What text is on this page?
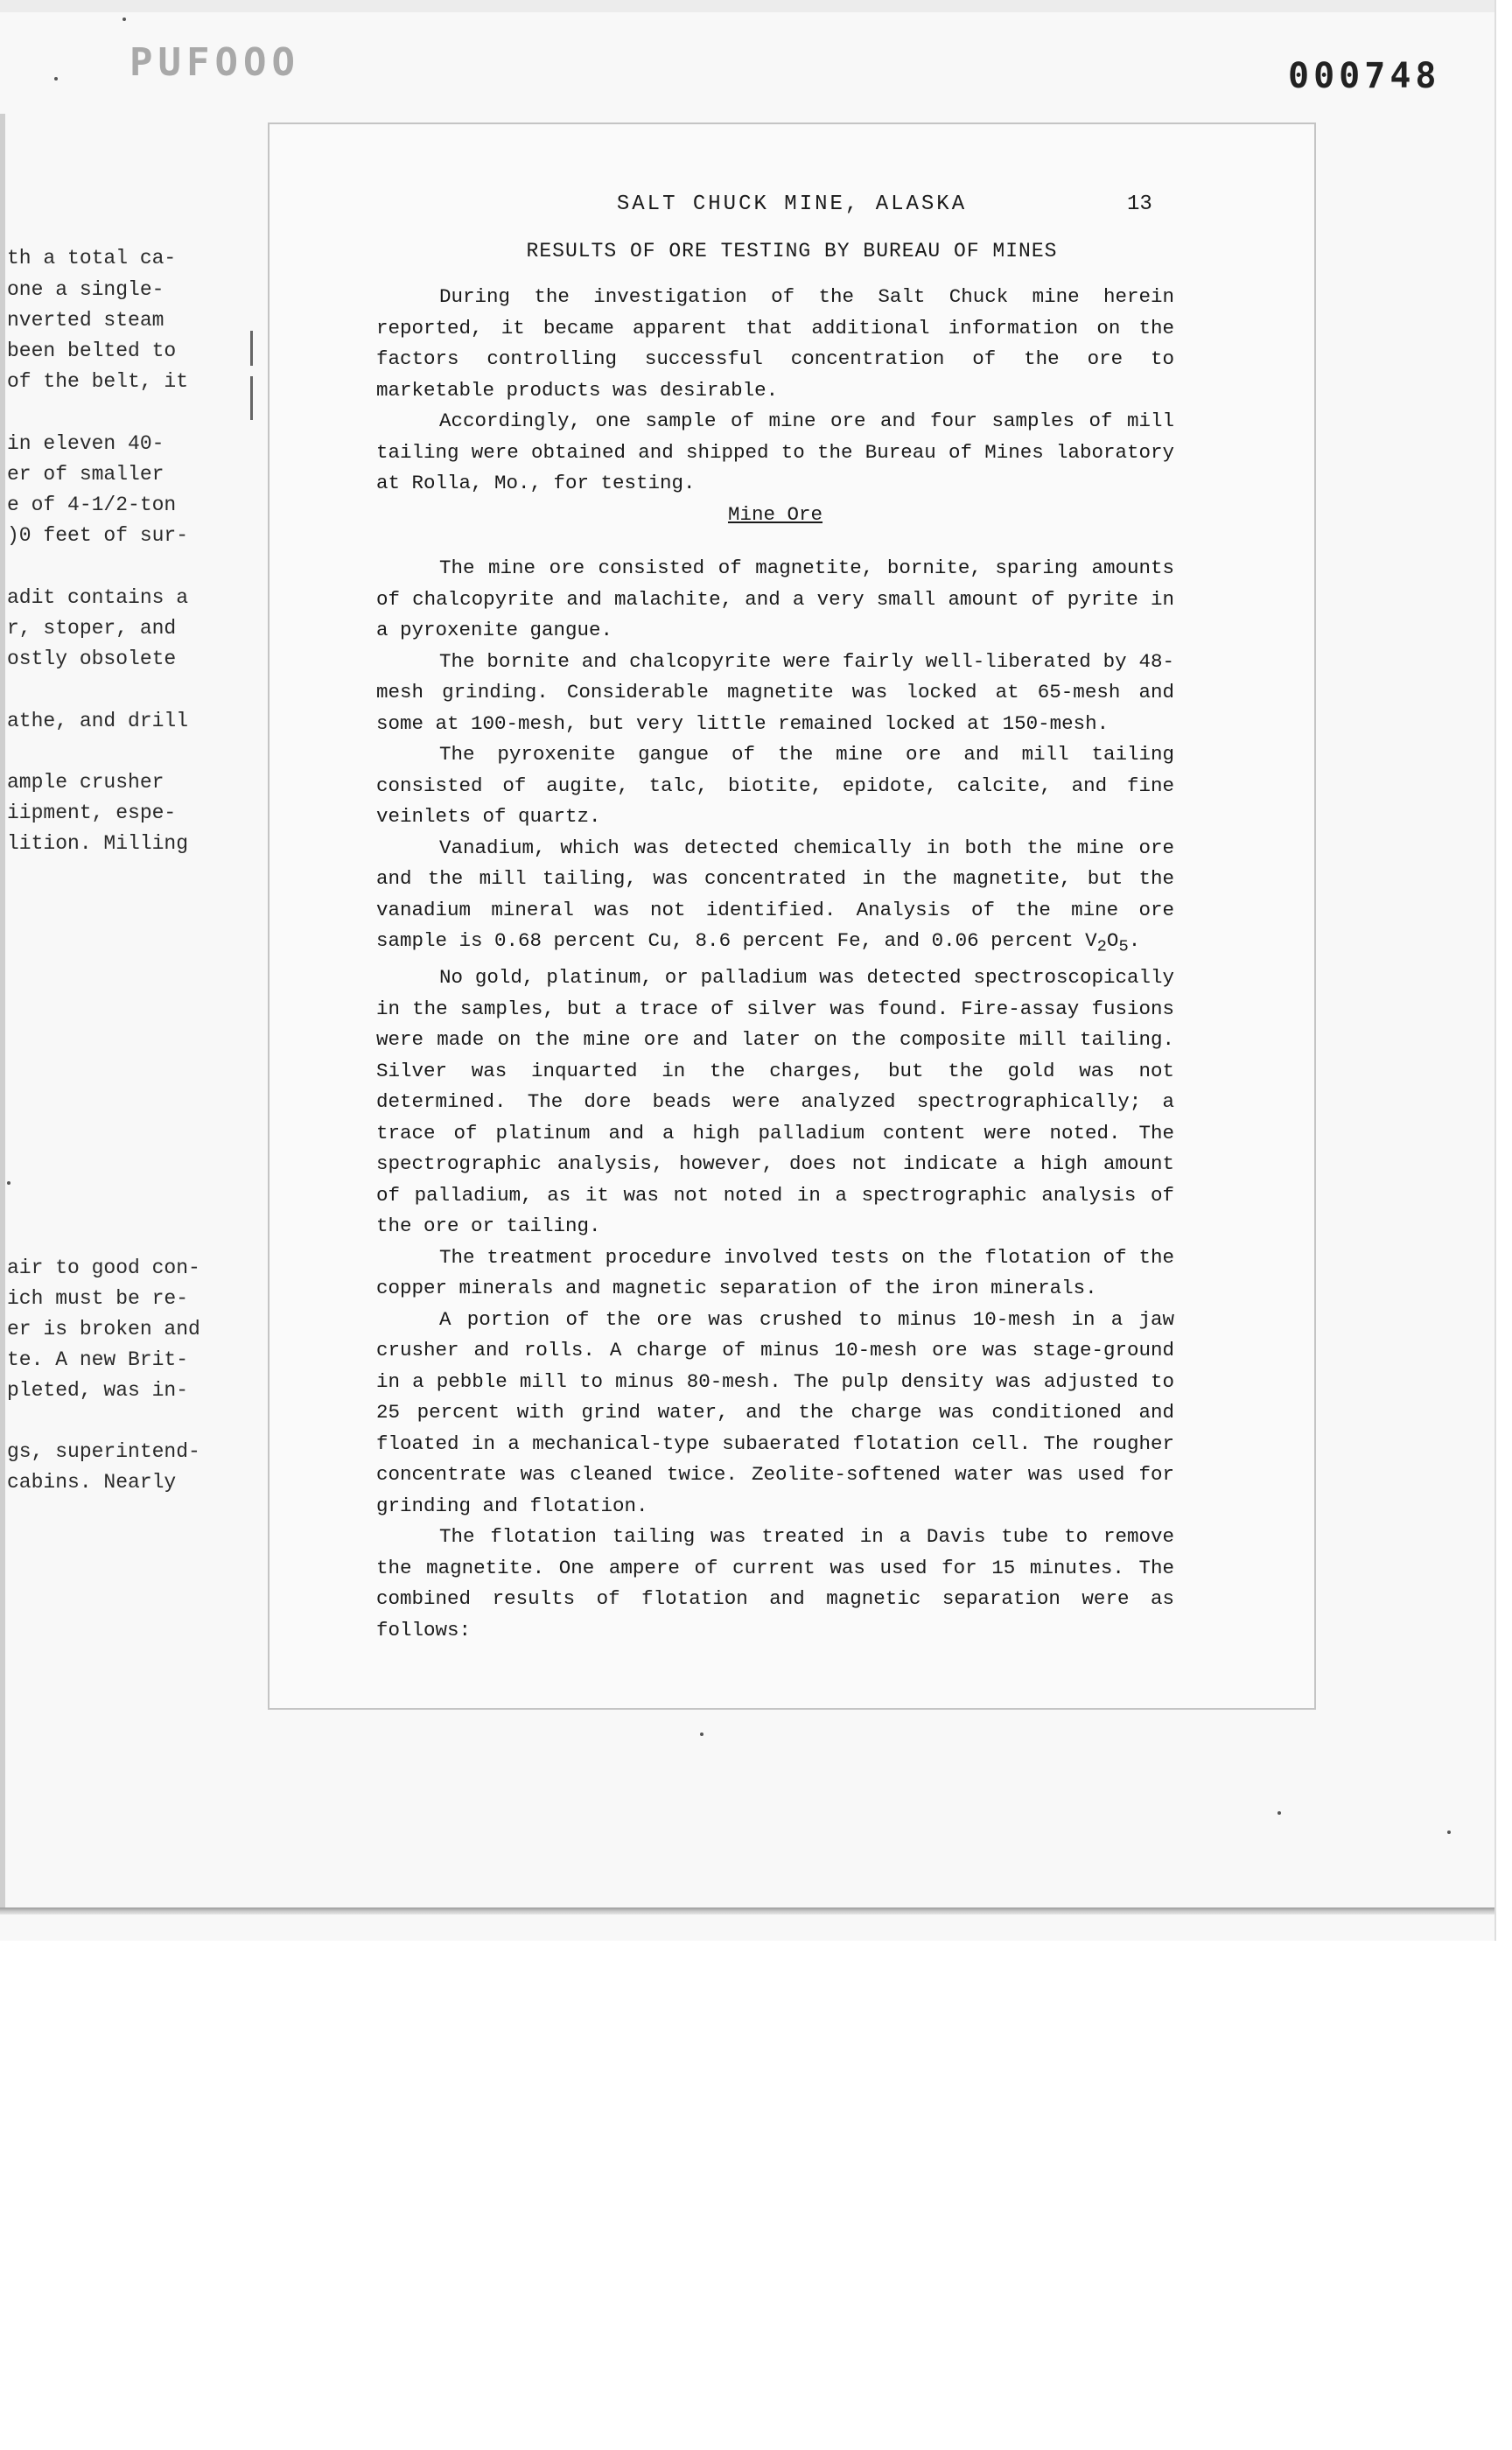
PUFOOO	000748
th a total ca-
one a single-
nverted steam
been belted to
of the belt, it
in eleven 40-
er of smaller
e of 4-1/2-ton
)0 feet of sur-
adit contains a
r, stoper, and
ostly obsolete
athe, and drill
ample crusher
iipment, espe-
lition. Milling
air to good con-
ich must be re-
er is broken and
te. A new Brit-
pleted, was in-
gs, superintend-
cabins. Nearly
SALT CHUCK MINE, ALASKA	13
RESULTS OF ORE TESTING BY BUREAU OF MINES

During the investigation of the Salt Chuck mine herein reported, it became apparent that additional information on the factors controlling successful concentration of the ore to marketable products was desirable.

Accordingly, one sample of mine ore and four samples of mill tailing were obtained and shipped to the Bureau of Mines laboratory at Rolla, Mo., for testing.

Mine Ore

The mine ore consisted of magnetite, bornite, sparing amounts of chalcopyrite and malachite, and a very small amount of pyrite in a pyroxenite gangue.

The bornite and chalcopyrite were fairly well-liberated by 48-mesh grinding. Considerable magnetite was locked at 65-mesh and some at 100-mesh, but very little remained locked at 150-mesh.

The pyroxenite gangue of the mine ore and mill tailing consisted of augite, talc, biotite, epidote, calcite, and fine veinlets of quartz.

Vanadium, which was detected chemically in both the mine ore and the mill tailing, was concentrated in the magnetite, but the vanadium mineral was not identified. Analysis of the mine ore sample is 0.68 percent Cu, 8.6 percent Fe, and 0.06 percent $V_2O_5$.

No gold, platinum, or palladium was detected spectroscopically in the samples, but a trace of silver was found. Fire-assay fusions were made on the mine ore and later on the composite mill tailing. Silver was inquarted in the charges, but the gold was not determined. The dore beads were analyzed spectrographically; a trace of platinum and a high palladium content were noted. The spectrographic analysis, however, does not indicate a high amount of palladium, as it was not noted in a spectrographic analysis of the ore or tailing.

The treatment procedure involved tests on the flotation of the copper minerals and magnetic separation of the iron minerals.

A portion of the ore was crushed to minus 10-mesh in a jaw crusher and rolls. A charge of minus 10-mesh ore was stage-ground in a pebble mill to minus 80-mesh. The pulp density was adjusted to 25 percent with grind water, and the charge was conditioned and floated in a mechanical-type subaerated flotation cell. The rougher concentrate was cleaned twice. Zeolite-softened water was used for grinding and flotation.

The flotation tailing was treated in a Davis tube to remove the magnetite. One ampere of current was used for 15 minutes. The combined results of flotation and magnetic separation were as follows:
